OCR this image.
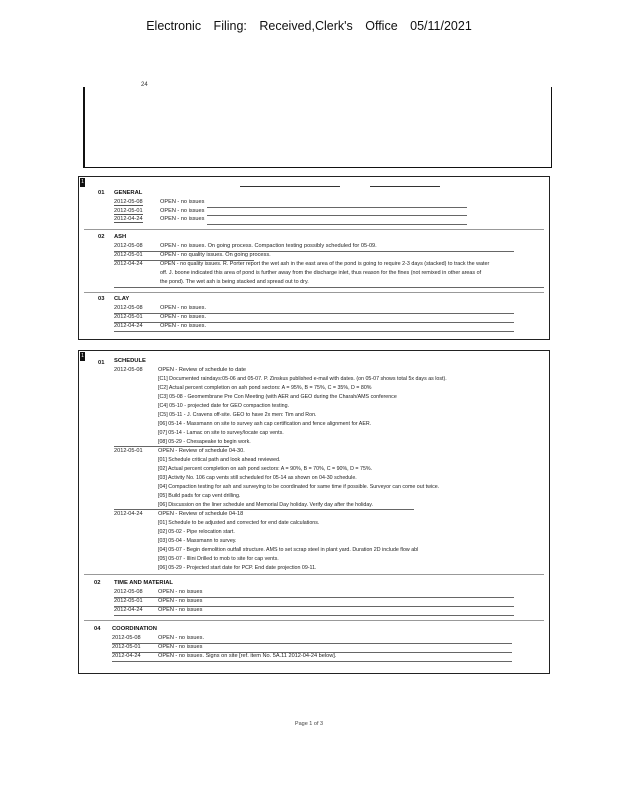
Electronic Filing: Received,Clerk's Office 05/11/2021
24
1
01 GENERAL
2012-05-08	OPEN - no issues
2012-05-01	OPEN - no issues
2012-04-24	OPEN - no issues
02 ASH
2012-05-08	OPEN - no issues. On going process. Compaction testing possibly scheduled for 05-09.
2012-05-01	OPEN - no quality issues. On going process.
2012-04-24	OPEN - no quality issues. R. Porter report the wet ash in the east area of the pond is going to require 2-3 days (stacked) to track the water
off. J. boone indicated this area of pond is further away from the discharge inlet, thus reason for the fines (not remixed in other areas of
the pond). The wet ash is being stacked and spread out to dry.
03 CLAY
2012-05-08	OPEN - no issues.
2012-05-01	OPEN - no issues.
2012-04-24	OPEN - no issues.
1
01 SCHEDULE
2012-05-08	OPEN - Review of schedule to date
[C1] Documented raindays:05-06 and 05-07. P. Zinskus published e-mail with dates. (on 05-07 shows total 5x days as lost).
[C2] Actual percent completion on ash pond sectors: A = 95%, B = 75%, C = 35%, D = 80%
[C3] 05-08 - Geomembrane Pre Con Meeting (with AER and GEO during the Charah/AMS conference
[C4] 05-10 - projected date for GEO compaction testing.
[C5] 05-11 - J. Cravens off-site. GEO to have 2x men: Tim and Ron.
[06] 05-14 - Massmann on site to survey ash cap certification and fence alignment for AER.
[07] 05-14 - Lamac on site to survey/locate cap vents.
[08] 05-29 - Chesapeake to begin work.
2012-05-01	OPEN - Review of schedule 04-30.
[01] Schedule critical path and look ahead reviewed.
[02] Actual percent completion on ash pond sectors: A = 90%, B = 70%, C = 90%, D = 75%.
[03] Activity No. 106 cap vents still scheduled for 05-14 as shown on 04-30 schedule.
[04] Compaction testing for ash and surveying to be coordinated for same time if possible. Surveyor can come out twice.
[05] Build pads for cap vent drilling.
[06] Discussion on the liner schedule and Memorial Day holiday. Verify day after the holiday.
2012-04-24	OPEN - Review of schedule 04-18
[01] Schedule to be adjusted and corrected for end date calculations.
[02] 05-02 - Pipe relocation start.
[03] 05-04 - Massmann to survey.
[04] 05-07 - Begin demolition outfall structure. AMS to set scrap steel in plant yard. Duration 2D include flow abl
[05] 05-07 - Illini Drilled to mob to site for cap vents.
[06] 05-29 - Projected start date for PCP. End date projection 09-11.
02 TIME AND MATERIAL
2012-05-08	OPEN - no issues
2012-05-01	OPEN - no issues
2012-04-24	OPEN - no issues
04 COORDINATION
2012-05-08	OPEN - no issues.
2012-05-01	OPEN - no issues
2012-04-24	OPEN - no issues. Signs on site [ref. item No. 5A.11 2012-04-24 below].
Page 1 of 3
